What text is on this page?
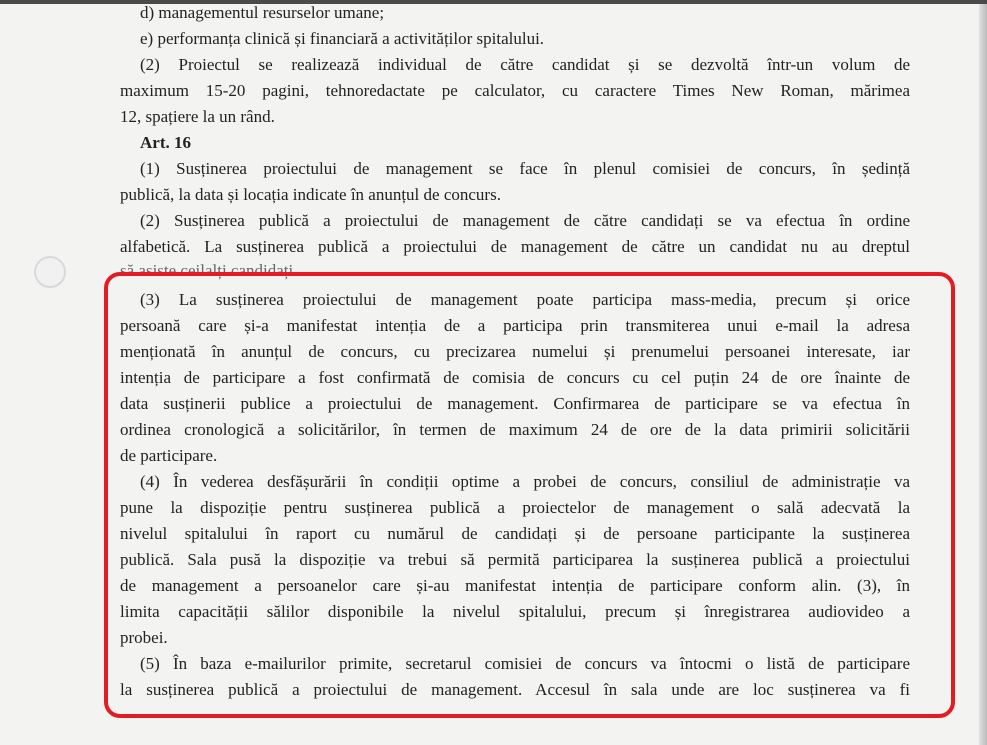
d) managementul resurselor umane;

e) performanța clinică și financiară a activităților spitalului.

(2) Proiectul se realizează individual de către candidat și se dezvoltă într-un volum de

maximum 15-20 pagini, tehnoredactate pe calculator, cu caractere Times New Roman, mărimea

12, spațiere la un rând.

Art. 16

(1) Susținerea proiectului de management se face în plenul comisiei de concurs, în ședință

publică, la data și locația indicate în anunțul de concurs.

(2) Susținerea publică a proiectului de management de către candidați se va efectua în ordine

alfabetică. La susținerea publică a proiectului de management de către un candidat nu au dreptul

să asiste ceilalți candidați.

(3) La susținerea proiectului de management poate participa mass-media, precum și orice

persoană care și-a manifestat intenția de a participa prin transmiterea unui e-mail la adresa

menționată în anunțul de concurs, cu precizarea numelui și prenumelui persoanei interesate, iar

intenția de participare a fost confirmată de comisia de concurs cu cel puțin 24 de ore înainte de

data susținerii publice a proiectului de management. Confirmarea de participare se va efectua în

ordinea cronologică a solicitărilor, în termen de maximum 24 de ore de la data primirii solicitării

de participare.

(4) În vederea desfășurării în condiții optime a probei de concurs, consiliul de administrație va

pune la dispoziție pentru susținerea publică a proiectelor de management o sală adecvată la

nivelul spitalului în raport cu numărul de candidați și de persoane participante la susținerea

publică. Sala pusă la dispoziție va trebui să permită participarea la susținerea publică a proiectului

de management a persoanelor care și-au manifestat intenția de participare conform alin. (3), în

limita capacității sălilor disponibile la nivelul spitalului, precum și înregistrarea audiovideo a

probei.

(5) În baza e-mailurilor primite, secretarul comisiei de concurs va întocmi o listă de participare

la susținerea publică a proiectului de management. Accesul în sala unde are loc susținerea va fi
